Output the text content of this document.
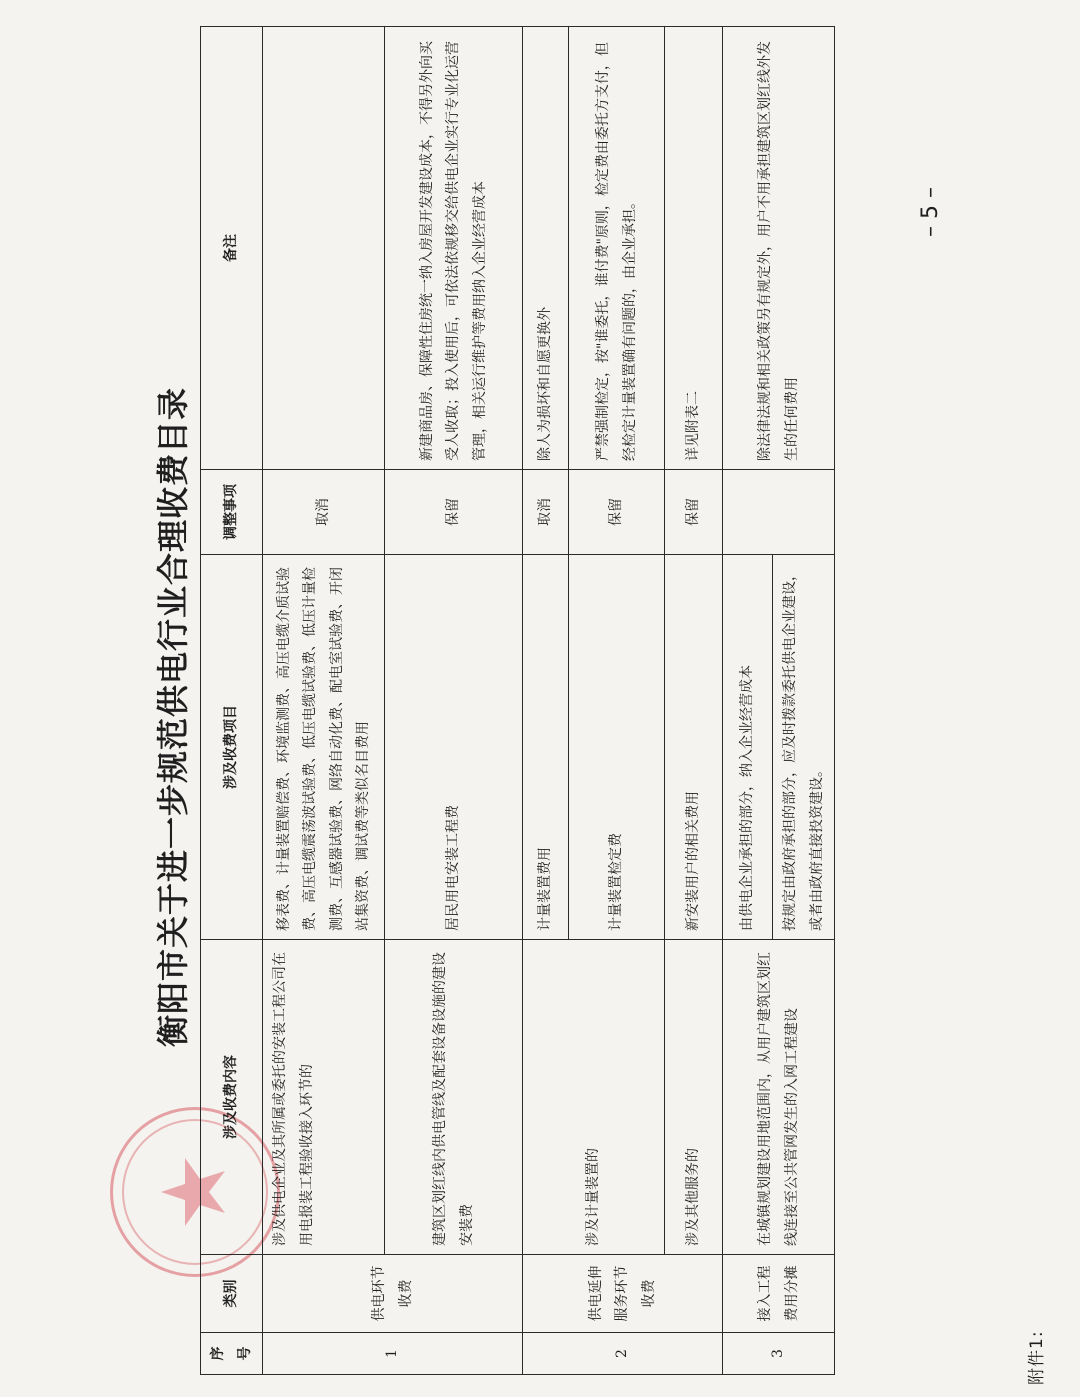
附件1:
衡阳市关于进一步规范供电行业合理收费目录
序号	类别	涉及收费内容	涉及收费项目	调整事项	备注
1	供电环节收费	涉及供电企业及其所属或委托的安装工程公司在用电报装工程验收接入环节的	移表费、计量装置赔偿费、环境监测费、高压电缆介质试验费、高压电缆震荡波试验费、低压电缆试验费、低压计量检测费、互感器试验费、网络自动化费、配电室试验费、开闭站集资费、调试费等类似名目费用	取消	
		建筑区划红线内供电管线及配套设备设施的建设安装费	居民用电安装工程费	保留	新建商品房、保障性住房统一纳入房屋开发建设成本，不得另外向买受人收取；投入使用后，可依法依规移交给供电企业实行专业化运营管理，相关运行维护等费用纳入企业经营成本
2	供电延伸服务环节收费	涉及计量装置的	计量装置费用	取消	除人为损坏和自愿更换外
			计量装置检定费	保留	严禁强制检定，按"谁委托，谁付费"原则，检定费由委托方支付，但经检定计量装置确有问题的，由企业承担。
		涉及其他服务的	新安装用户的相关费用	保留	详见附表二
3	接入工程费用分摊	在城镇规划建设用地范围内，从用户建筑区划红线连接至公共管网发生的入网工程建设	由供电企业承担的部分，纳入企业经营成本		除法律法规和相关政策另有规定外，用户不用承担建筑区划红线外发生的任何费用
			按规定由政府承担的部分，应及时拨款委托供电企业建设，或者由政府直接投资建设。		
– 5 –
